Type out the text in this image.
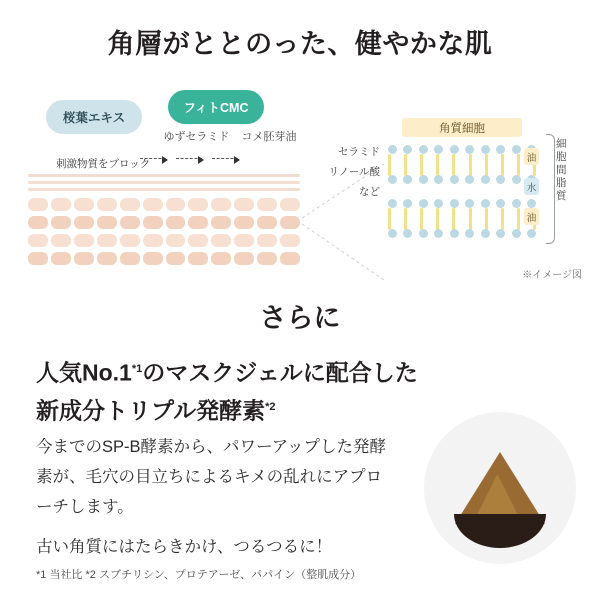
角層がととのった、健やかな肌
桜葉エキス
フィトCMC
ゆずセラミド コメ胚芽油
刺激物質をブロック
角質細胞
セラミド
リノール酸など
油
水
油
細胞間脂質
※イメージ図
さらに
人気No.1$^{*1}$のマスクジェルに配合した
新成分トリプル発酵素$^{*2}$
今までのSP-B酵素から、パワーアップした発酵素が、毛穴の目立ちによるキメの乱れにアプローチします。
古い角質にはたらきかけ、つるつるに！
*1 当社比 *2 スブチリシン、プロテアーゼ、パパイン（整肌成分）
